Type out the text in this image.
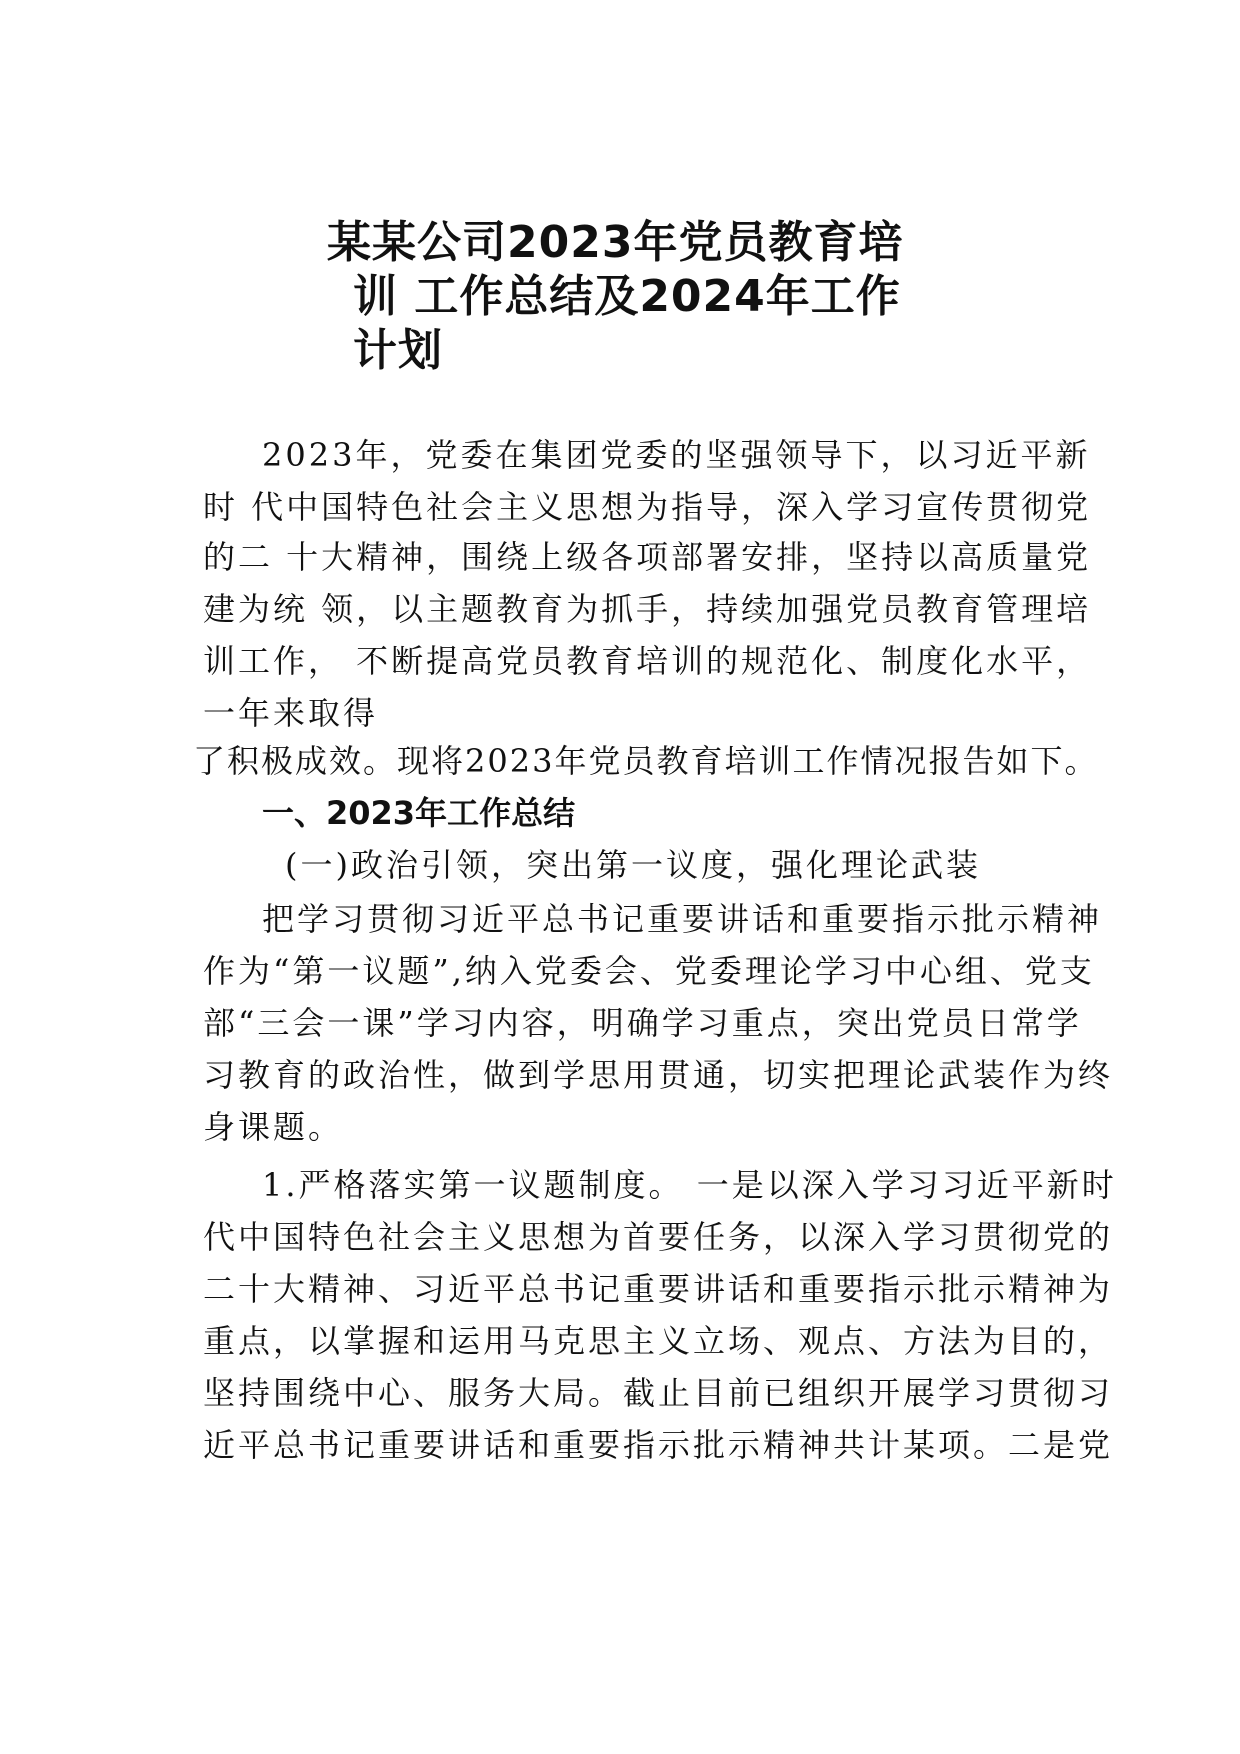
某某公司2023年党员教育培
训 工作总结及2024年工作
计划
2023年，党委在集团党委的坚强领导下，以习近平新
时 代中国特色社会主义思想为指导，深入学习宣传贯彻党
的二 十大精神，围绕上级各项部署安排，坚持以高质量党
建为统 领，以主题教育为抓手，持续加强党员教育管理培
训工作， 不断提高党员教育培训的规范化、制度化水平，
一年来取得
了积极成效。现将2023年党员教育培训工作情况报告如下。
一、2023年工作总结
(一)政治引领，突出第一议度，强化理论武装
把学习贯彻习近平总书记重要讲话和重要指示批示精神
作为“第一议题”,纳入党委会、党委理论学习中心组、党支
部“三会一课”学习内容，明确学习重点，突出党员日常学
习教育的政治性，做到学思用贯通，切实把理论武装作为终
身课题。
1.严格落实第一议题制度。 一是以深入学习习近平新时
代中国特色社会主义思想为首要任务，以深入学习贯彻党的
二十大精神、习近平总书记重要讲话和重要指示批示精神为
重点，以掌握和运用马克思主义立场、观点、方法为目的，
坚持围绕中心、服务大局。截止目前已组织开展学习贯彻习
近平总书记重要讲话和重要指示批示精神共计某项。二是党
